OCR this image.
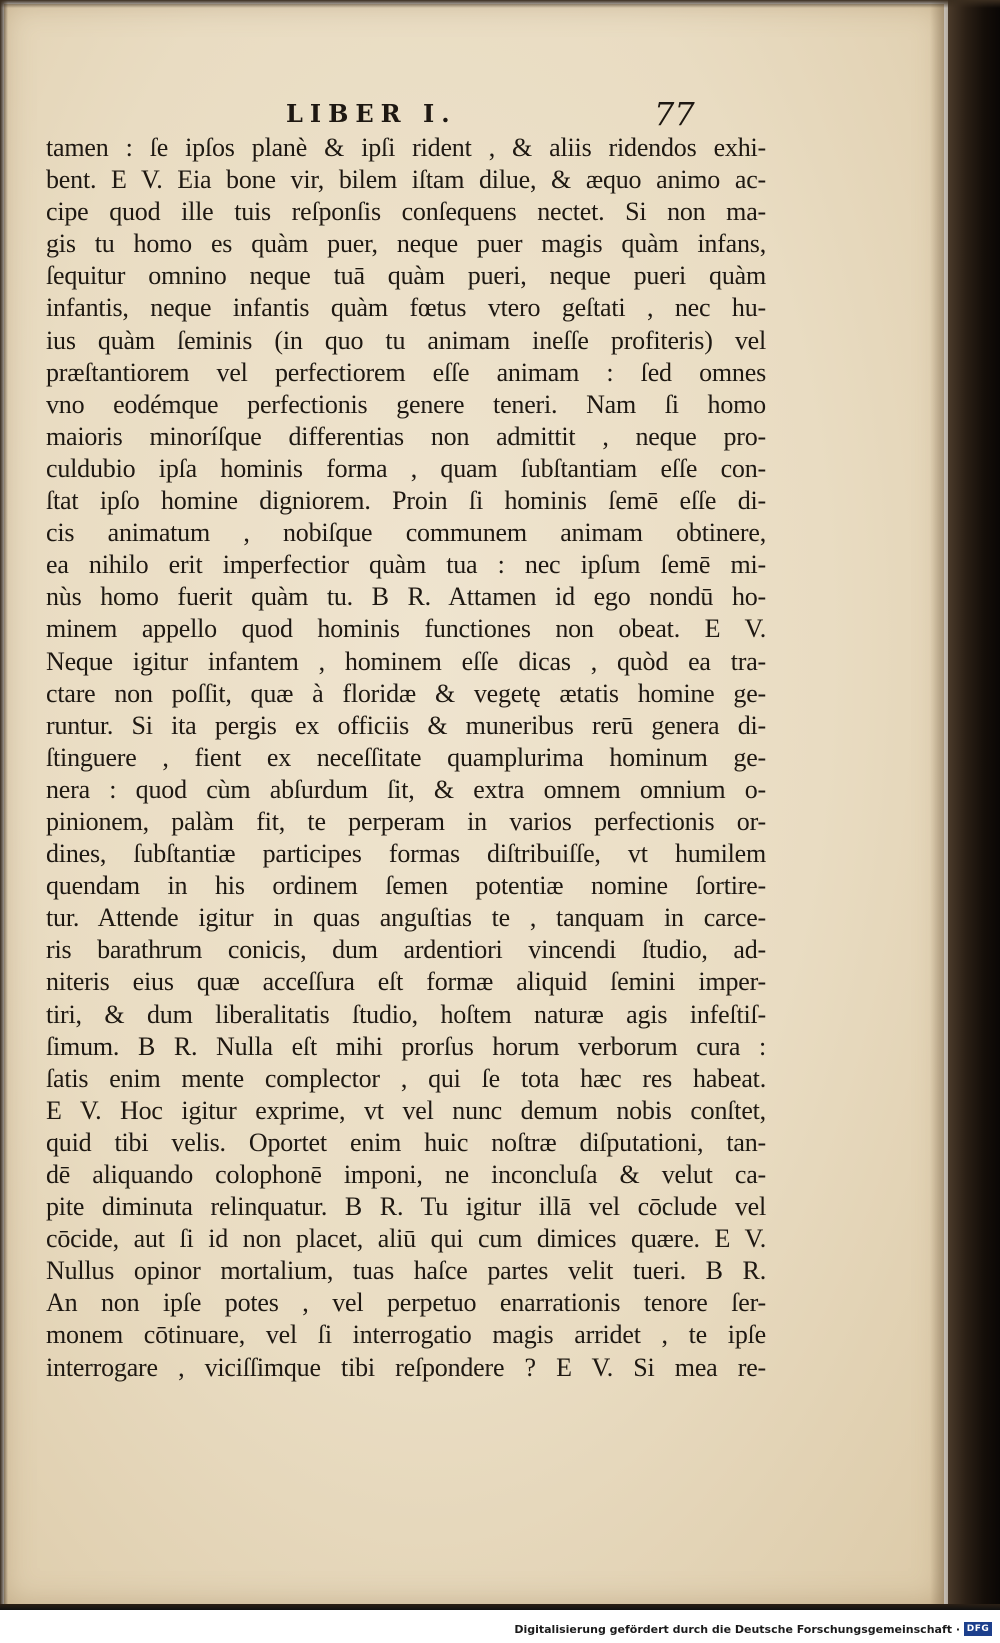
LIBER I.	77
tamen : ſe ipſos planè & ipſi rident , & aliis ridendos exhi-
bent. E V. Eia bone vir, bilem iſtam dilue, & æquo animo ac-
cipe quod ille tuis reſponſis conſequens nectet. Si non ma-
gis tu homo es quàm puer, neque puer magis quàm infans,
ſequitur omnino neque tuā quàm pueri, neque pueri quàm
infantis, neque infantis quàm fœtus vtero geſtati , nec hu-
ius quàm ſeminis (in quo tu animam ineſſe profiteris) vel
præſtantiorem vel perfectiorem eſſe animam : ſed omnes
vno eodémque perfectionis genere teneri. Nam ſi homo
maioris minoríſque differentias non admittit , neque pro-
culdubio ipſa hominis forma , quam ſubſtantiam eſſe con-
ſtat ipſo homine digniorem. Proin ſi hominis ſemē eſſe di-
cis animatum , nobiſque communem animam obtinere,
ea nihilo erit imperfectior quàm tua : nec ipſum ſemē mi-
nùs homo fuerit quàm tu. B R. Attamen id ego nondū ho-
minem appello quod hominis functiones non obeat. E V.
Neque igitur infantem , hominem eſſe dicas , quòd ea tra-
ctare non poſſit, quæ à floridæ & vegetę ætatis homine ge-
runtur. Si ita pergis ex officiis & muneribus rerū genera di-
ſtinguere , fient ex neceſſitate quamplurima hominum ge-
nera : quod cùm abſurdum ſit, & extra omnem omnium o-
pinionem, palàm fit, te perperam in varios perfectionis or-
dines, ſubſtantiæ participes formas diſtribuiſſe, vt humilem
quendam in his ordinem ſemen potentiæ nomine ſortire-
tur. Attende igitur in quas anguſtias te , tanquam in carce-
ris barathrum conicis, dum ardentiori vincendi ſtudio, ad-
niteris eius quæ acceſſura eſt formæ aliquid ſemini imper-
tiri, & dum liberalitatis ſtudio, hoſtem naturæ agis infeſtiſ-
ſimum. B R. Nulla eſt mihi prorſus horum verborum cura :
ſatis enim mente complector , qui ſe tota hæc res habeat.
E V. Hoc igitur exprime, vt vel nunc demum nobis conſtet,
quid tibi velis. Oportet enim huic noſtræ diſputationi, tan-
dē aliquando colophonē imponi, ne inconcluſa & velut ca-
pite diminuta relinquatur. B R. Tu igitur illā vel cōclude vel
cōcide, aut ſi id non placet, aliū qui cum dimices quære. E V.
Nullus opinor mortalium, tuas haſce partes velit tueri. B R.
An non ipſe potes , vel perpetuo enarrationis tenore ſer-
monem cōtinuare, vel ſi interrogatio magis arridet , te ipſe
interrogare , viciſſimque tibi reſpondere ? E V. Si mea re-
Digitalisierung gefördert durch die Deutsche Forschungsgemeinschaft · DFG
